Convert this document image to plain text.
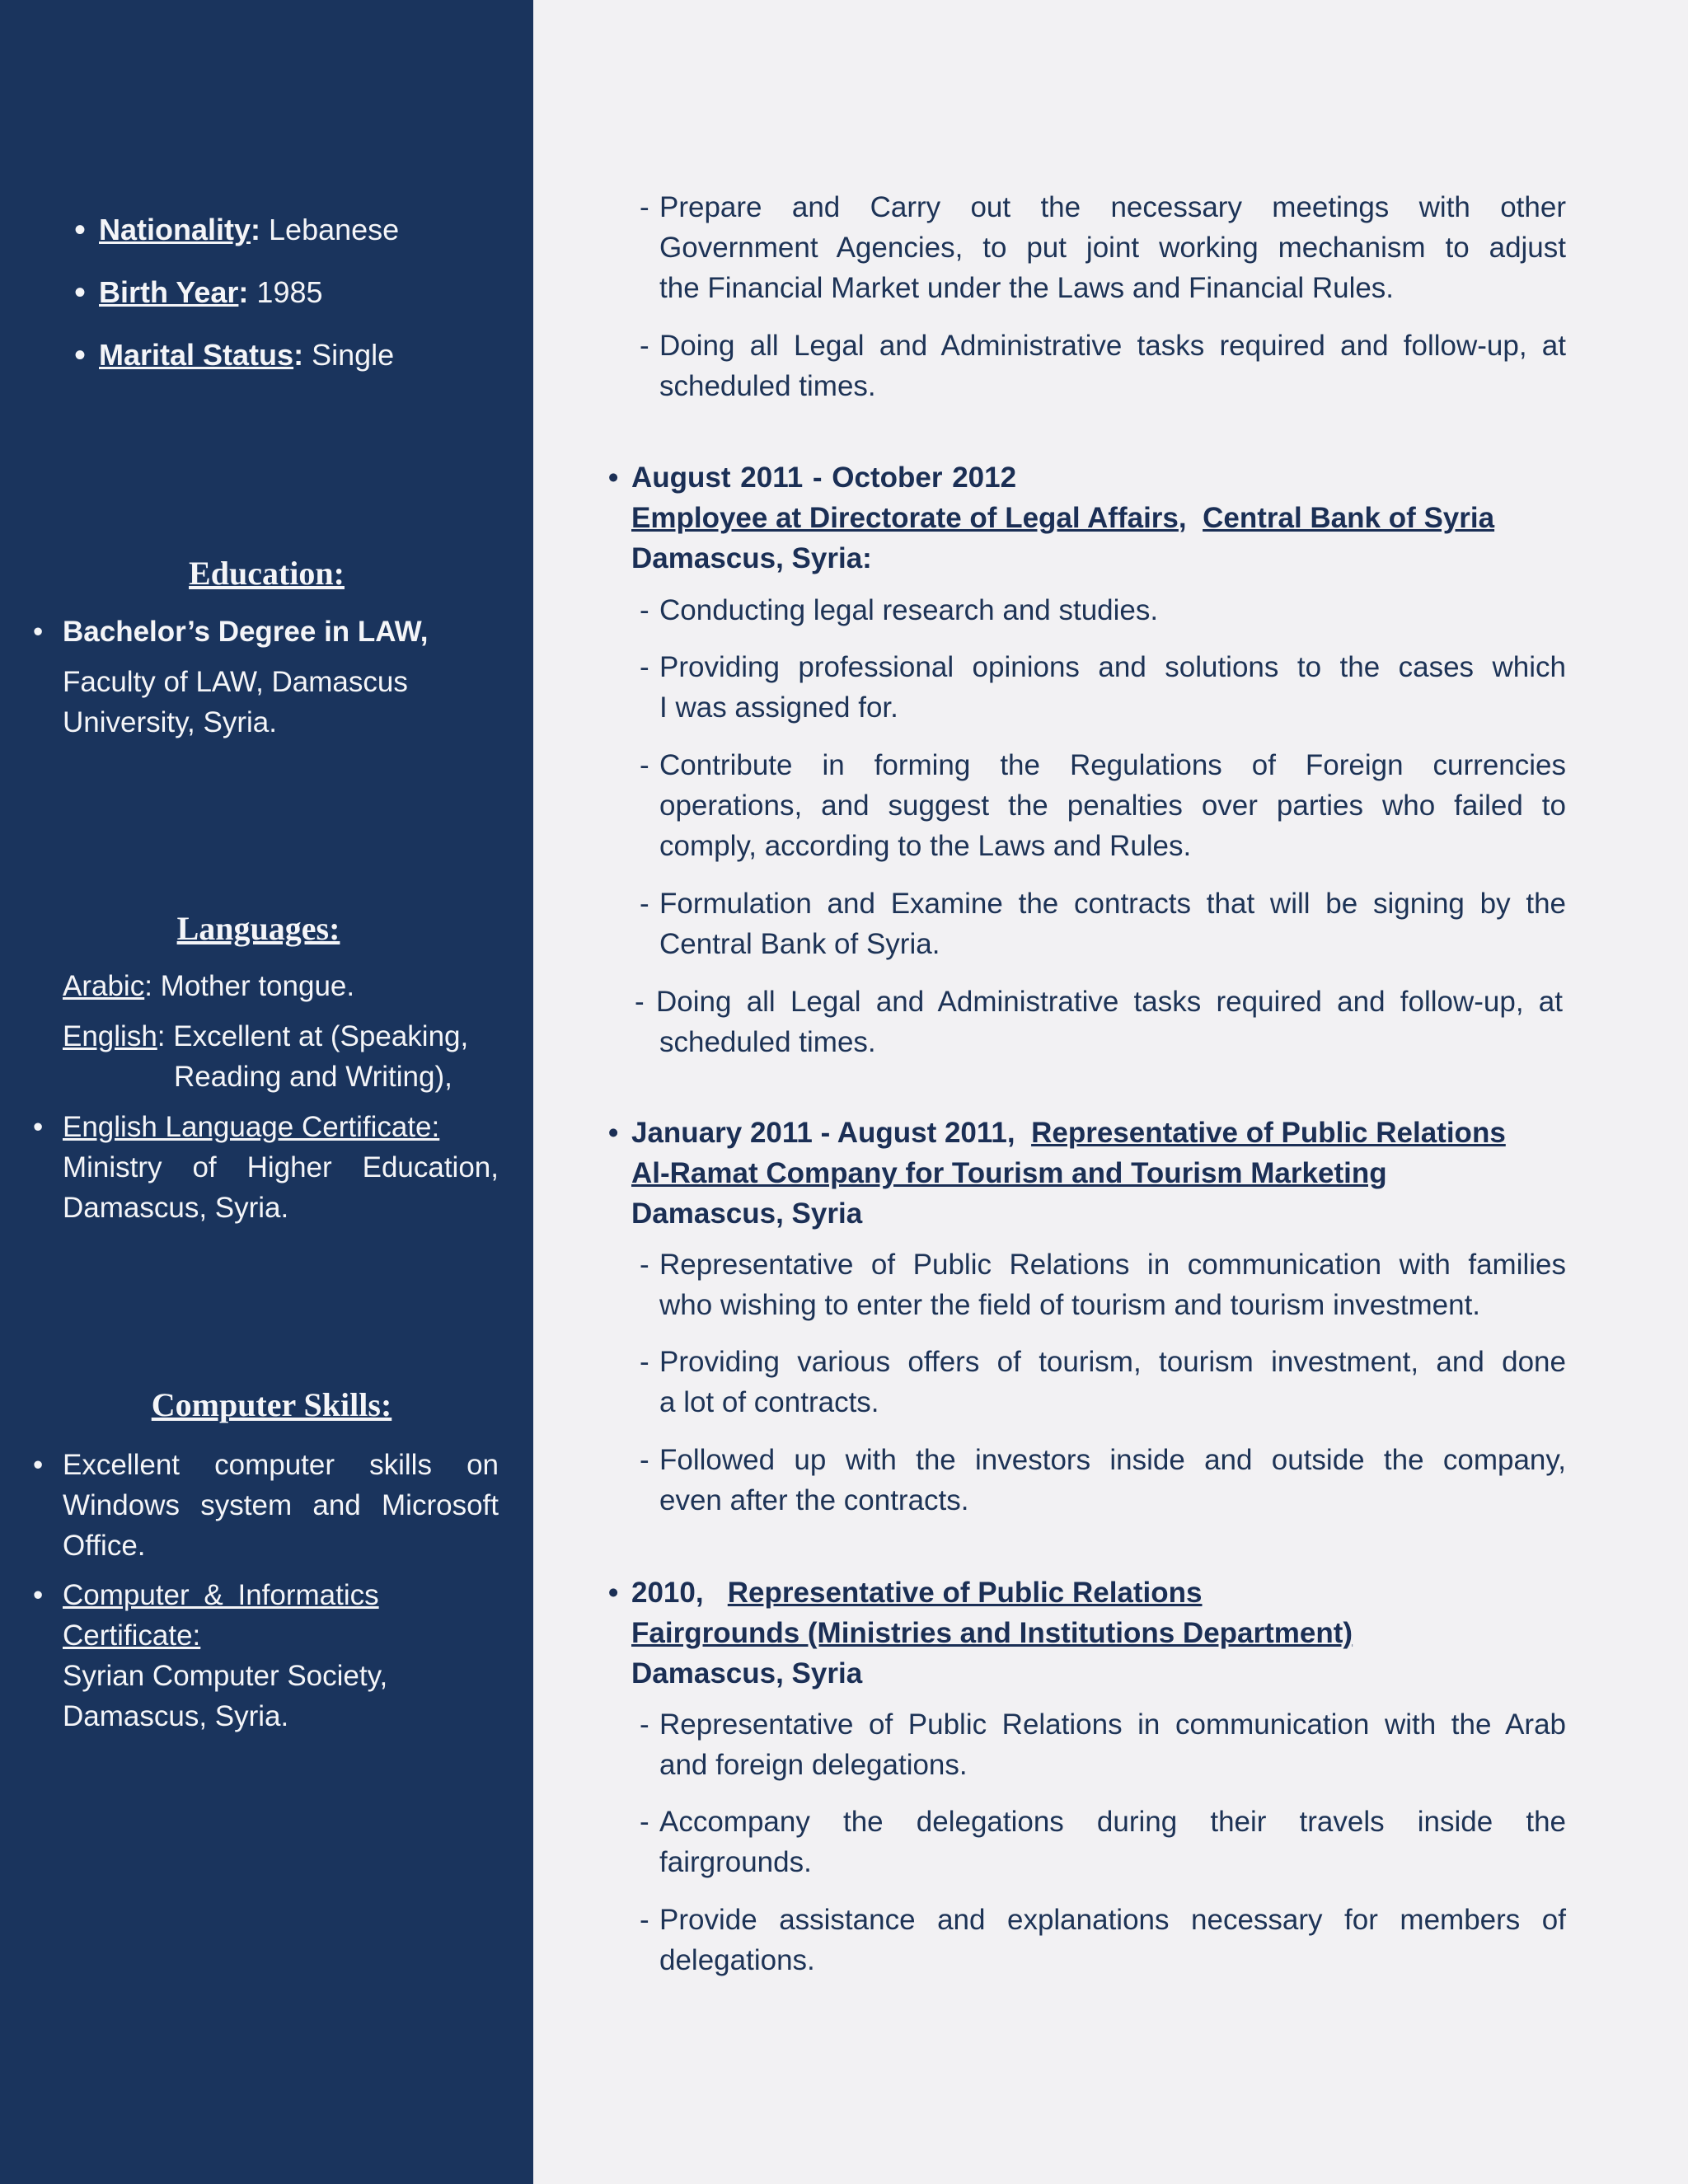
• Nationality: Lebanese
• Birth Year: 1985
• Marital Status: Single
Education:
• Bachelor’s Degree in LAW,
Faculty of LAW, Damascus
University, Syria.
Languages:
Arabic: Mother tongue.
English: Excellent at (Speaking,
Reading and Writing),
• English Language Certificate:
Ministry of Higher Education,
Damascus, Syria.
Computer Skills:
• Excellent computer skills on
Windows system and Microsoft
Office.
• Computer & Informatics
Certificate:
Syrian Computer Society,
Damascus, Syria.
- Prepare and Carry out the necessary meetings with other
Government Agencies, to put joint working mechanism to adjust
the Financial Market under the Laws and Financial Rules.
- Doing all Legal and Administrative tasks required and follow-up, at
scheduled times.
• August 2011 - October 2012
Employee at Directorate of Legal Affairs,  Central Bank of Syria
Damascus, Syria:
- Conducting legal research and studies.
- Providing professional opinions and solutions to the cases which
I was assigned for.
- Contribute in forming the Regulations of Foreign currencies
operations, and suggest the penalties over parties who failed to
comply, according to the Laws and Rules.
- Formulation and Examine the contracts that will be signing by the
Central Bank of Syria.
- Doing all Legal and Administrative tasks required and follow-up, at
scheduled times.
• January 2011 - August 2011, Representative of Public Relations
Al-Ramat Company for Tourism and Tourism Marketing
Damascus, Syria
- Representative of Public Relations in communication with families
who wishing to enter the field of tourism and tourism investment.
- Providing various offers of tourism, tourism investment, and done
a lot of contracts.
- Followed up with the investors inside and outside the company,
even after the contracts.
• 2010, Representative of Public Relations
Fairgrounds (Ministries and Institutions Department)
Damascus, Syria
- Representative of Public Relations in communication with the Arab
and foreign delegations.
- Accompany the delegations during their travels inside the
fairgrounds.
- Provide assistance and explanations necessary for members of
delegations.
